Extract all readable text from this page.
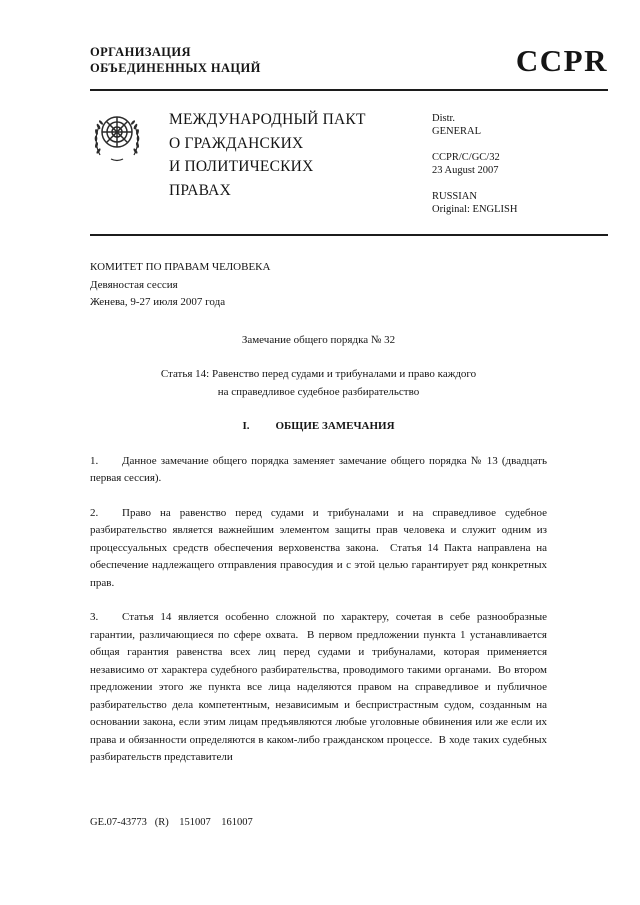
ОРГАНИЗАЦИЯ
ОБЪЕДИНЕННЫХ НАЦИЙ	CCPR
МЕЖДУНАРОДНЫЙ ПАКТ
О ГРАЖДАНСКИХ
И ПОЛИТИЧЕСКИХ
ПРАВАХ
Distr.
GENERAL
CCPR/C/GC/32
23 August 2007
RUSSIAN
Original: ENGLISH
КОМИТЕТ ПО ПРАВАМ ЧЕЛОВЕКА
Девяностая сессия
Женева, 9-27 июля 2007 года
Замечание общего порядка № 32
Статья 14: Равенство перед судами и трибуналами и право каждого
на справедливое судебное разбирательство
I. ОБЩИЕ ЗАМЕЧАНИЯ

1. Данное замечание общего порядка заменяет замечание общего порядка № 13 (двадцать первая сессия).

2. Право на равенство перед судами и трибуналами и на справедливое судебное разбирательство является важнейшим элементом защиты прав человека и служит одним из процессуальных средств обеспечения верховенства закона.  Статья 14 Пакта направлена на обеспечение надлежащего отправления правосудия и с этой целью гарантирует ряд конкретных прав.

3. Статья 14 является особенно сложной по характеру, сочетая в себе разнообразные гарантии, различающиеся по сфере охвата.  В первом предложении пункта 1 устанавливается общая гарантия равенства всех лиц перед судами и трибуналами, которая применяется независимо от характера судебного разбирательства, проводимого такими органами.  Во втором предложении этого же пункта все лица наделяются правом на справедливое и публичное разбирательство дела компетентным, независимым и беспристрастным судом, созданным на основании закона, если этим лицам предъявляются любые уголовные обвинения или же если их права и обязанности определяются в каком-либо гражданском процессе.  В ходе таких судебных разбирательств представители

GE.07-43773   (R)    151007    161007
